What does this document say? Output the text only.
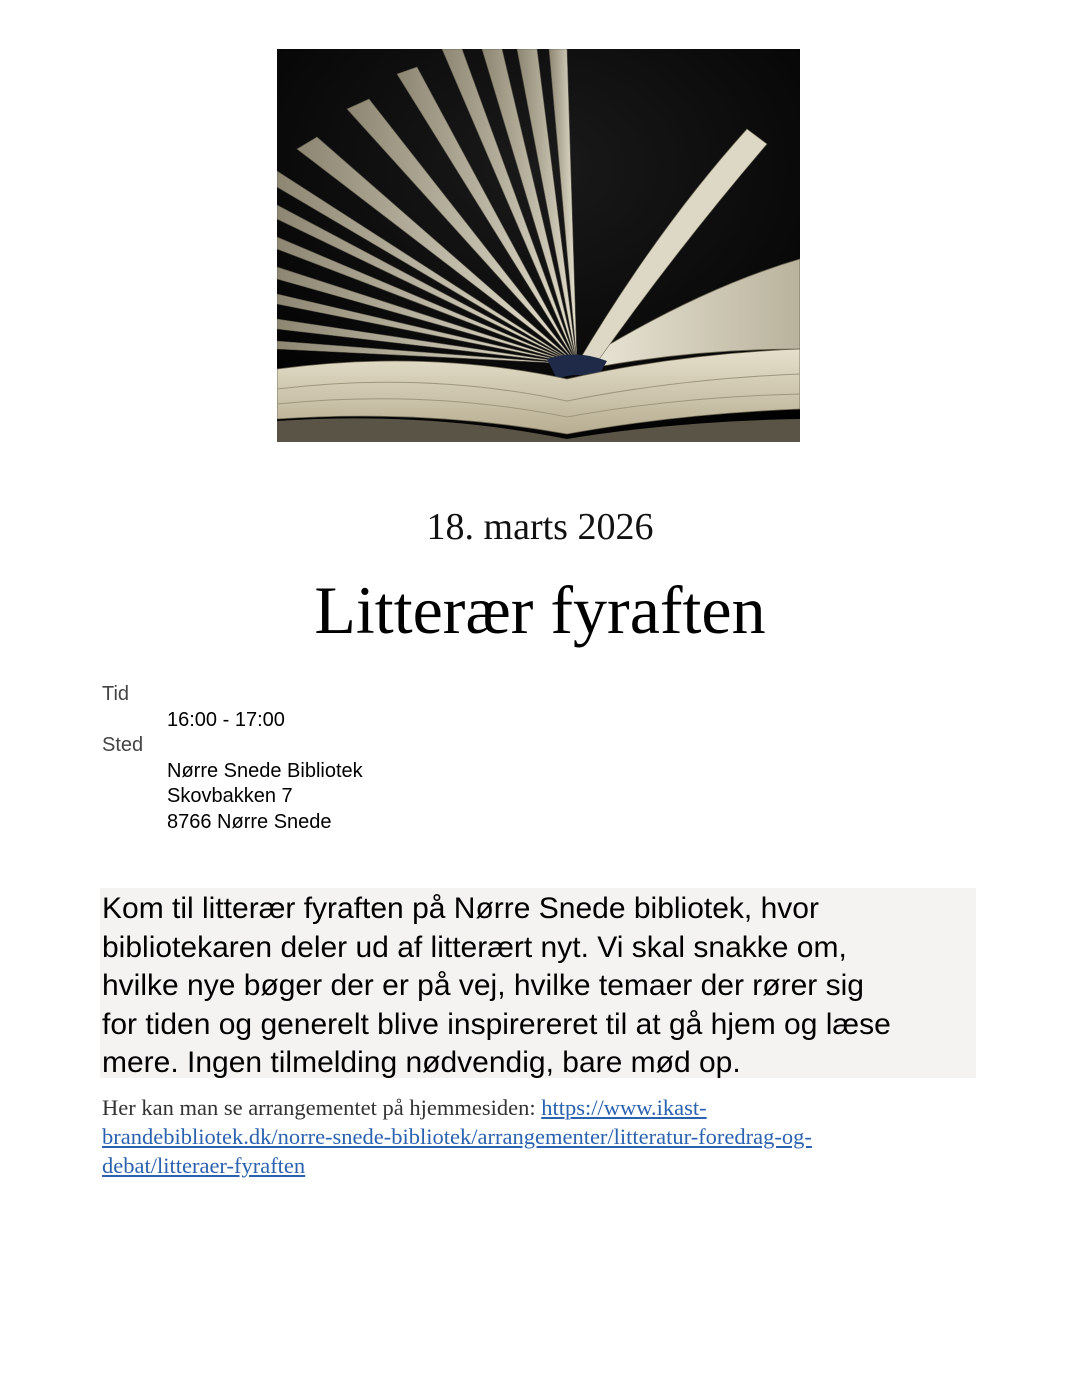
18. marts 2026
Litterær fyraften
Tid
16:00 - 17:00
Sted
Nørre Snede Bibliotek
Skovbakken 7
8766 Nørre Snede
Kom til litterær fyraften på Nørre Snede bibliotek, hvor
bibliotekaren deler ud af litterært nyt. Vi skal snakke om,
hvilke nye bøger der er på vej, hvilke temaer der rører sig
for tiden og generelt blive inspirereret til at gå hjem og læse
mere. Ingen tilmelding nødvendig, bare mød op.
Her kan man se arrangementet på hjemmesiden: https://www.ikast-
brandebibliotek.dk/norre-snede-bibliotek/arrangementer/litteratur-foredrag-og-
debat/litteraer-fyraften
